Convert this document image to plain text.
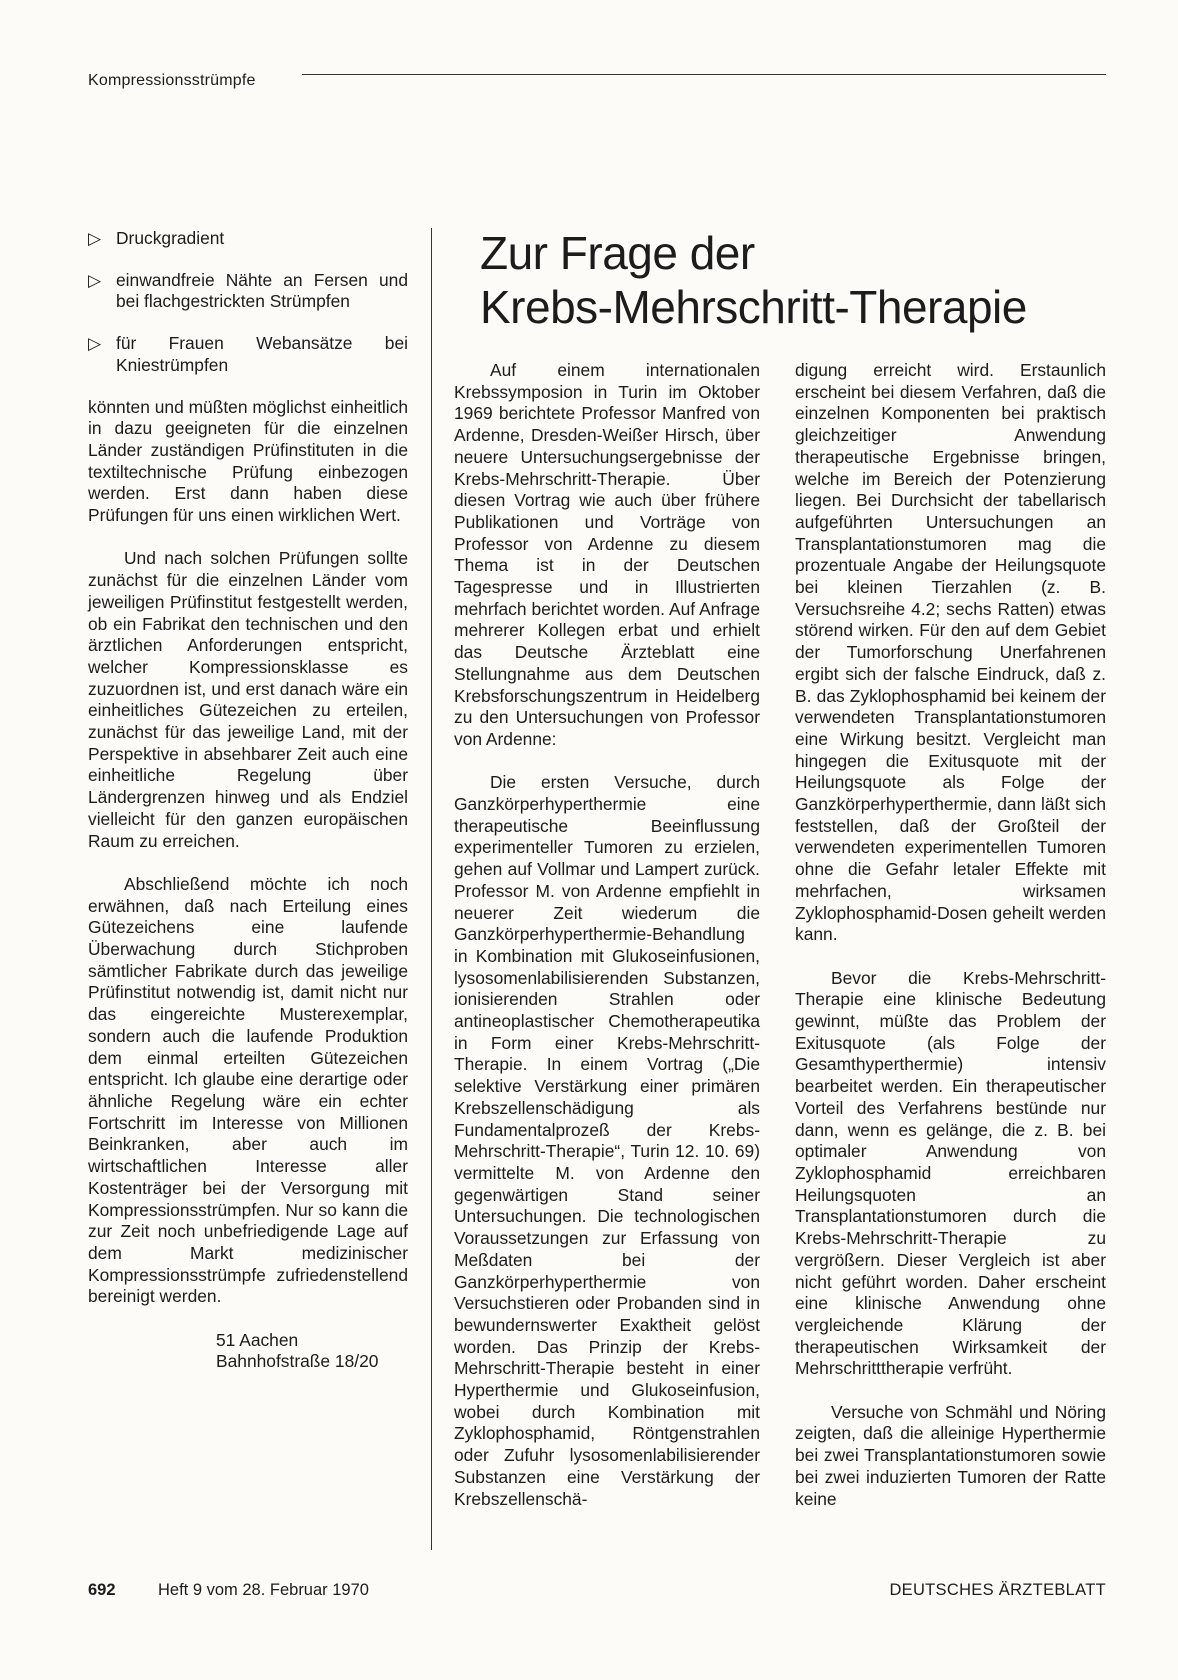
Kompressionsstrümpfe
▷ Druckgradient
▷ einwandfreie Nähte an Fersen und bei flachgestrickten Strümpfen
▷ für Frauen Webansätze bei Kniestrümpfen

könnten und müßten möglichst einheitlich in dazu geeigneten für die einzelnen Länder zuständigen Prüfinstituten in die textiltechnische Prüfung einbezogen werden. Erst dann haben diese Prüfungen für uns einen wirklichen Wert.

Und nach solchen Prüfungen sollte zunächst für die einzelnen Länder vom jeweiligen Prüfinstitut festgestellt werden, ob ein Fabrikat den technischen und den ärztlichen Anforderungen entspricht, welcher Kompressionsklasse es zuzuordnen ist, und erst danach wäre ein einheitliches Gütezeichen zu erteilen, zunächst für das jeweilige Land, mit der Perspektive in absehbarer Zeit auch eine einheitliche Regelung über Ländergrenzen hinweg und als Endziel vielleicht für den ganzen europäischen Raum zu erreichen.

Abschließend möchte ich noch erwähnen, daß nach Erteilung eines Gütezeichens eine laufende Überwachung durch Stichproben sämtlicher Fabrikate durch das jeweilige Prüfinstitut notwendig ist, damit nicht nur das eingereichte Musterexemplar, sondern auch die laufende Produktion dem einmal erteilten Gütezeichen entspricht. Ich glaube eine derartige oder ähnliche Regelung wäre ein echter Fortschritt im Interesse von Millionen Beinkranken, aber auch im wirtschaftlichen Interesse aller Kostenträger bei der Versorgung mit Kompressionsstrümpfen. Nur so kann die zur Zeit noch unbefriedigende Lage auf dem Markt medizinischer Kompressionsstrümpfe zufriedenstellend bereinigt werden.

51 Aachen
Bahnhofstraße 18/20
Zur Frage der
Krebs-Mehrschritt-Therapie

Auf einem internationalen Krebssymposion in Turin im Oktober 1969 berichtete Professor Manfred von Ardenne, Dresden-Weißer Hirsch, über neuere Untersuchungsergebnisse der Krebs-Mehrschritt-Therapie. Über diesen Vortrag wie auch über frühere Publikationen und Vorträge von Professor von Ardenne zu diesem Thema ist in der Deutschen Tagespresse und in Illustrierten mehrfach berichtet worden. Auf Anfrage mehrerer Kollegen erbat und erhielt das Deutsche Ärzteblatt eine Stellungnahme aus dem Deutschen Krebsforschungszentrum in Heidelberg zu den Untersuchungen von Professor von Ardenne:

Die ersten Versuche, durch Ganzkörperhyperthermie eine therapeutische Beeinflussung experimenteller Tumoren zu erzielen, gehen auf Vollmar und Lampert zurück. Professor M. von Ardenne empfiehlt in neuerer Zeit wiederum die Ganzkörperhyperthermie-Behandlung in Kombination mit Glukoseinfusionen, lysosomenlabilisierenden Substanzen, ionisierenden Strahlen oder antineoplastischer Chemotherapeutika in Form einer Krebs-Mehrschritt-Therapie. In einem Vortrag („Die selektive Verstärkung einer primären Krebszellenschädigung als Fundamentalprozeß der Krebs-Mehrschritt-Therapie“, Turin 12. 10. 69) vermittelte M. von Ardenne den gegenwärtigen Stand seiner Untersuchungen. Die technologischen Voraussetzungen zur Erfassung von Meßdaten bei der Ganzkörperhyperthermie von Versuchstieren oder Probanden sind in bewundernswerter Exaktheit gelöst worden. Das Prinzip der Krebs-Mehrschritt-Therapie besteht in einer Hyperthermie und Glukoseinfusion, wobei durch Kombination mit Zyklophosphamid, Röntgenstrahlen oder Zufuhr lysosomenlabilisierender Substanzen eine Verstärkung der Krebszellenschä-

digung erreicht wird. Erstaunlich erscheint bei diesem Verfahren, daß die einzelnen Komponenten bei praktisch gleichzeitiger Anwendung therapeutische Ergebnisse bringen, welche im Bereich der Potenzierung liegen. Bei Durchsicht der tabellarisch aufgeführten Untersuchungen an Transplantationstumoren mag die prozentuale Angabe der Heilungsquote bei kleinen Tierzahlen (z. B. Versuchsreihe 4.2; sechs Ratten) etwas störend wirken. Für den auf dem Gebiet der Tumorforschung Unerfahrenen ergibt sich der falsche Eindruck, daß z. B. das Zyklophosphamid bei keinem der verwendeten Transplantationstumoren eine Wirkung besitzt. Vergleicht man hingegen die Exitusquote mit der Heilungsquote als Folge der Ganzkörperhyperthermie, dann läßt sich feststellen, daß der Großteil der verwendeten experimentellen Tumoren ohne die Gefahr letaler Effekte mit mehrfachen, wirksamen Zyklophosphamid-Dosen geheilt werden kann.

Bevor die Krebs-Mehrschritt-Therapie eine klinische Bedeutung gewinnt, müßte das Problem der Exitusquote (als Folge der Gesamthyperthermie) intensiv bearbeitet werden. Ein therapeutischer Vorteil des Verfahrens bestünde nur dann, wenn es gelänge, die z. B. bei optimaler Anwendung von Zyklophosphamid erreichbaren Heilungsquoten an Transplantationstumoren durch die Krebs-Mehrschritt-Therapie zu vergrößern. Dieser Vergleich ist aber nicht geführt worden. Daher erscheint eine klinische Anwendung ohne vergleichende Klärung der therapeutischen Wirksamkeit der Mehrschritttherapie verfrüht.

Versuche von Schmähl und Nöring zeigten, daß die alleinige Hyperthermie bei zwei Transplantationstumoren sowie bei zwei induzierten Tumoren der Ratte keine

692	Heft 9 vom 28. Februar 1970	DEUTSCHES ÄRZTEBLATT
